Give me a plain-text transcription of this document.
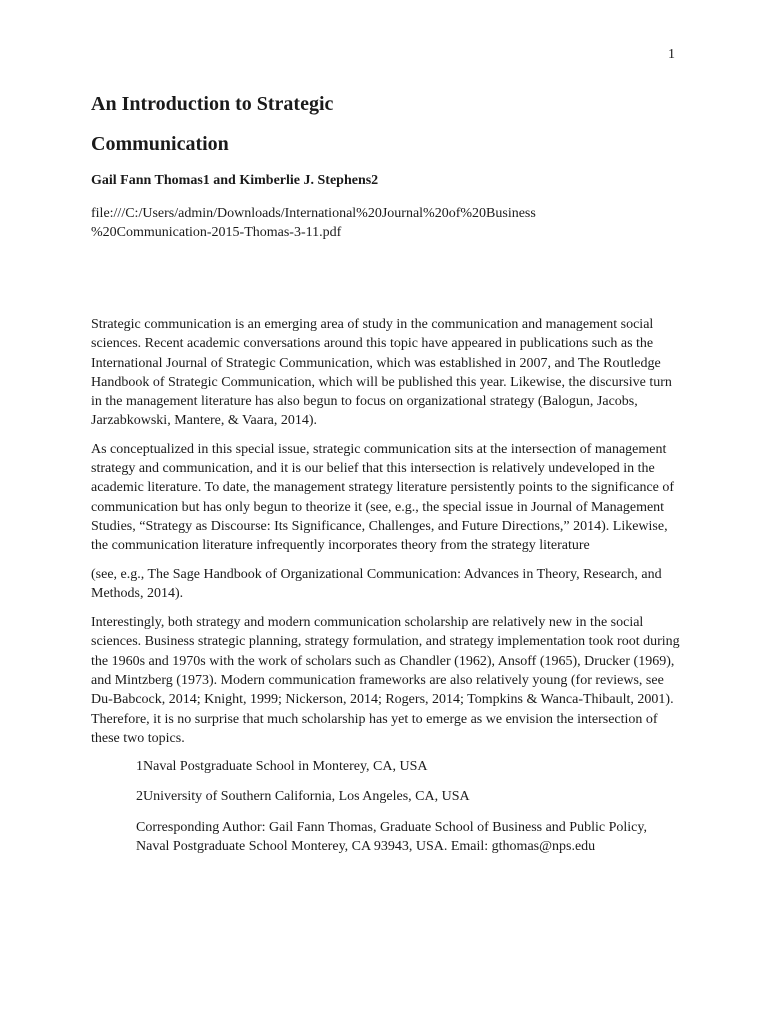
1
An Introduction to Strategic
Communication
Gail Fann Thomas1 and Kimberlie J. Stephens2
file:///C:/Users/admin/Downloads/International%20Journal%20of%20Business %20Communication-2015-Thomas-3-11.pdf

Strategic communication is an emerging area of study in the communication and management social sciences. Recent academic conversations around this topic have appeared in publications such as the International Journal of Strategic Communication, which was established in 2007, and The Routledge Handbook of Strategic Communication, which will be published this year. Likewise, the discursive turn in the management literature has also begun to focus on organizational strategy (Balogun, Jacobs, Jarzabkowski, Mantere, & Vaara, 2014).

As conceptualized in this special issue, strategic communication sits at the intersection of management strategy and communication, and it is our belief that this intersection is relatively undeveloped in the academic literature. To date, the management strategy literature persistently points to the significance of communication but has only begun to theorize it (see, e.g., the special issue in Journal of Management Studies, “Strategy as Discourse: Its Significance, Challenges, and Future Directions,” 2014). Likewise, the communication literature infrequently incorporates theory from the strategy literature

(see, e.g., The Sage Handbook of Organizational Communication: Advances in Theory, Research, and Methods, 2014).

Interestingly, both strategy and modern communication scholarship are relatively new in the social sciences. Business strategic planning, strategy formulation, and strategy implementation took root during the 1960s and 1970s with the work of scholars such as Chandler (1962), Ansoff (1965), Drucker (1969), and Mintzberg (1973). Modern communication frameworks are also relatively young (for reviews, see Du-Babcock, 2014; Knight, 1999; Nickerson, 2014; Rogers, 2014; Tompkins & Wanca-Thibault, 2001). Therefore, it is no surprise that much scholarship has yet to emerge as we envision the intersection of these two topics.

1Naval Postgraduate School in Monterey, CA, USA

2University of Southern California, Los Angeles, CA, USA

Corresponding Author: Gail Fann Thomas, Graduate School of Business and Public Policy, Naval Postgraduate School Monterey, CA 93943, USA. Email: gthomas@nps.edu
